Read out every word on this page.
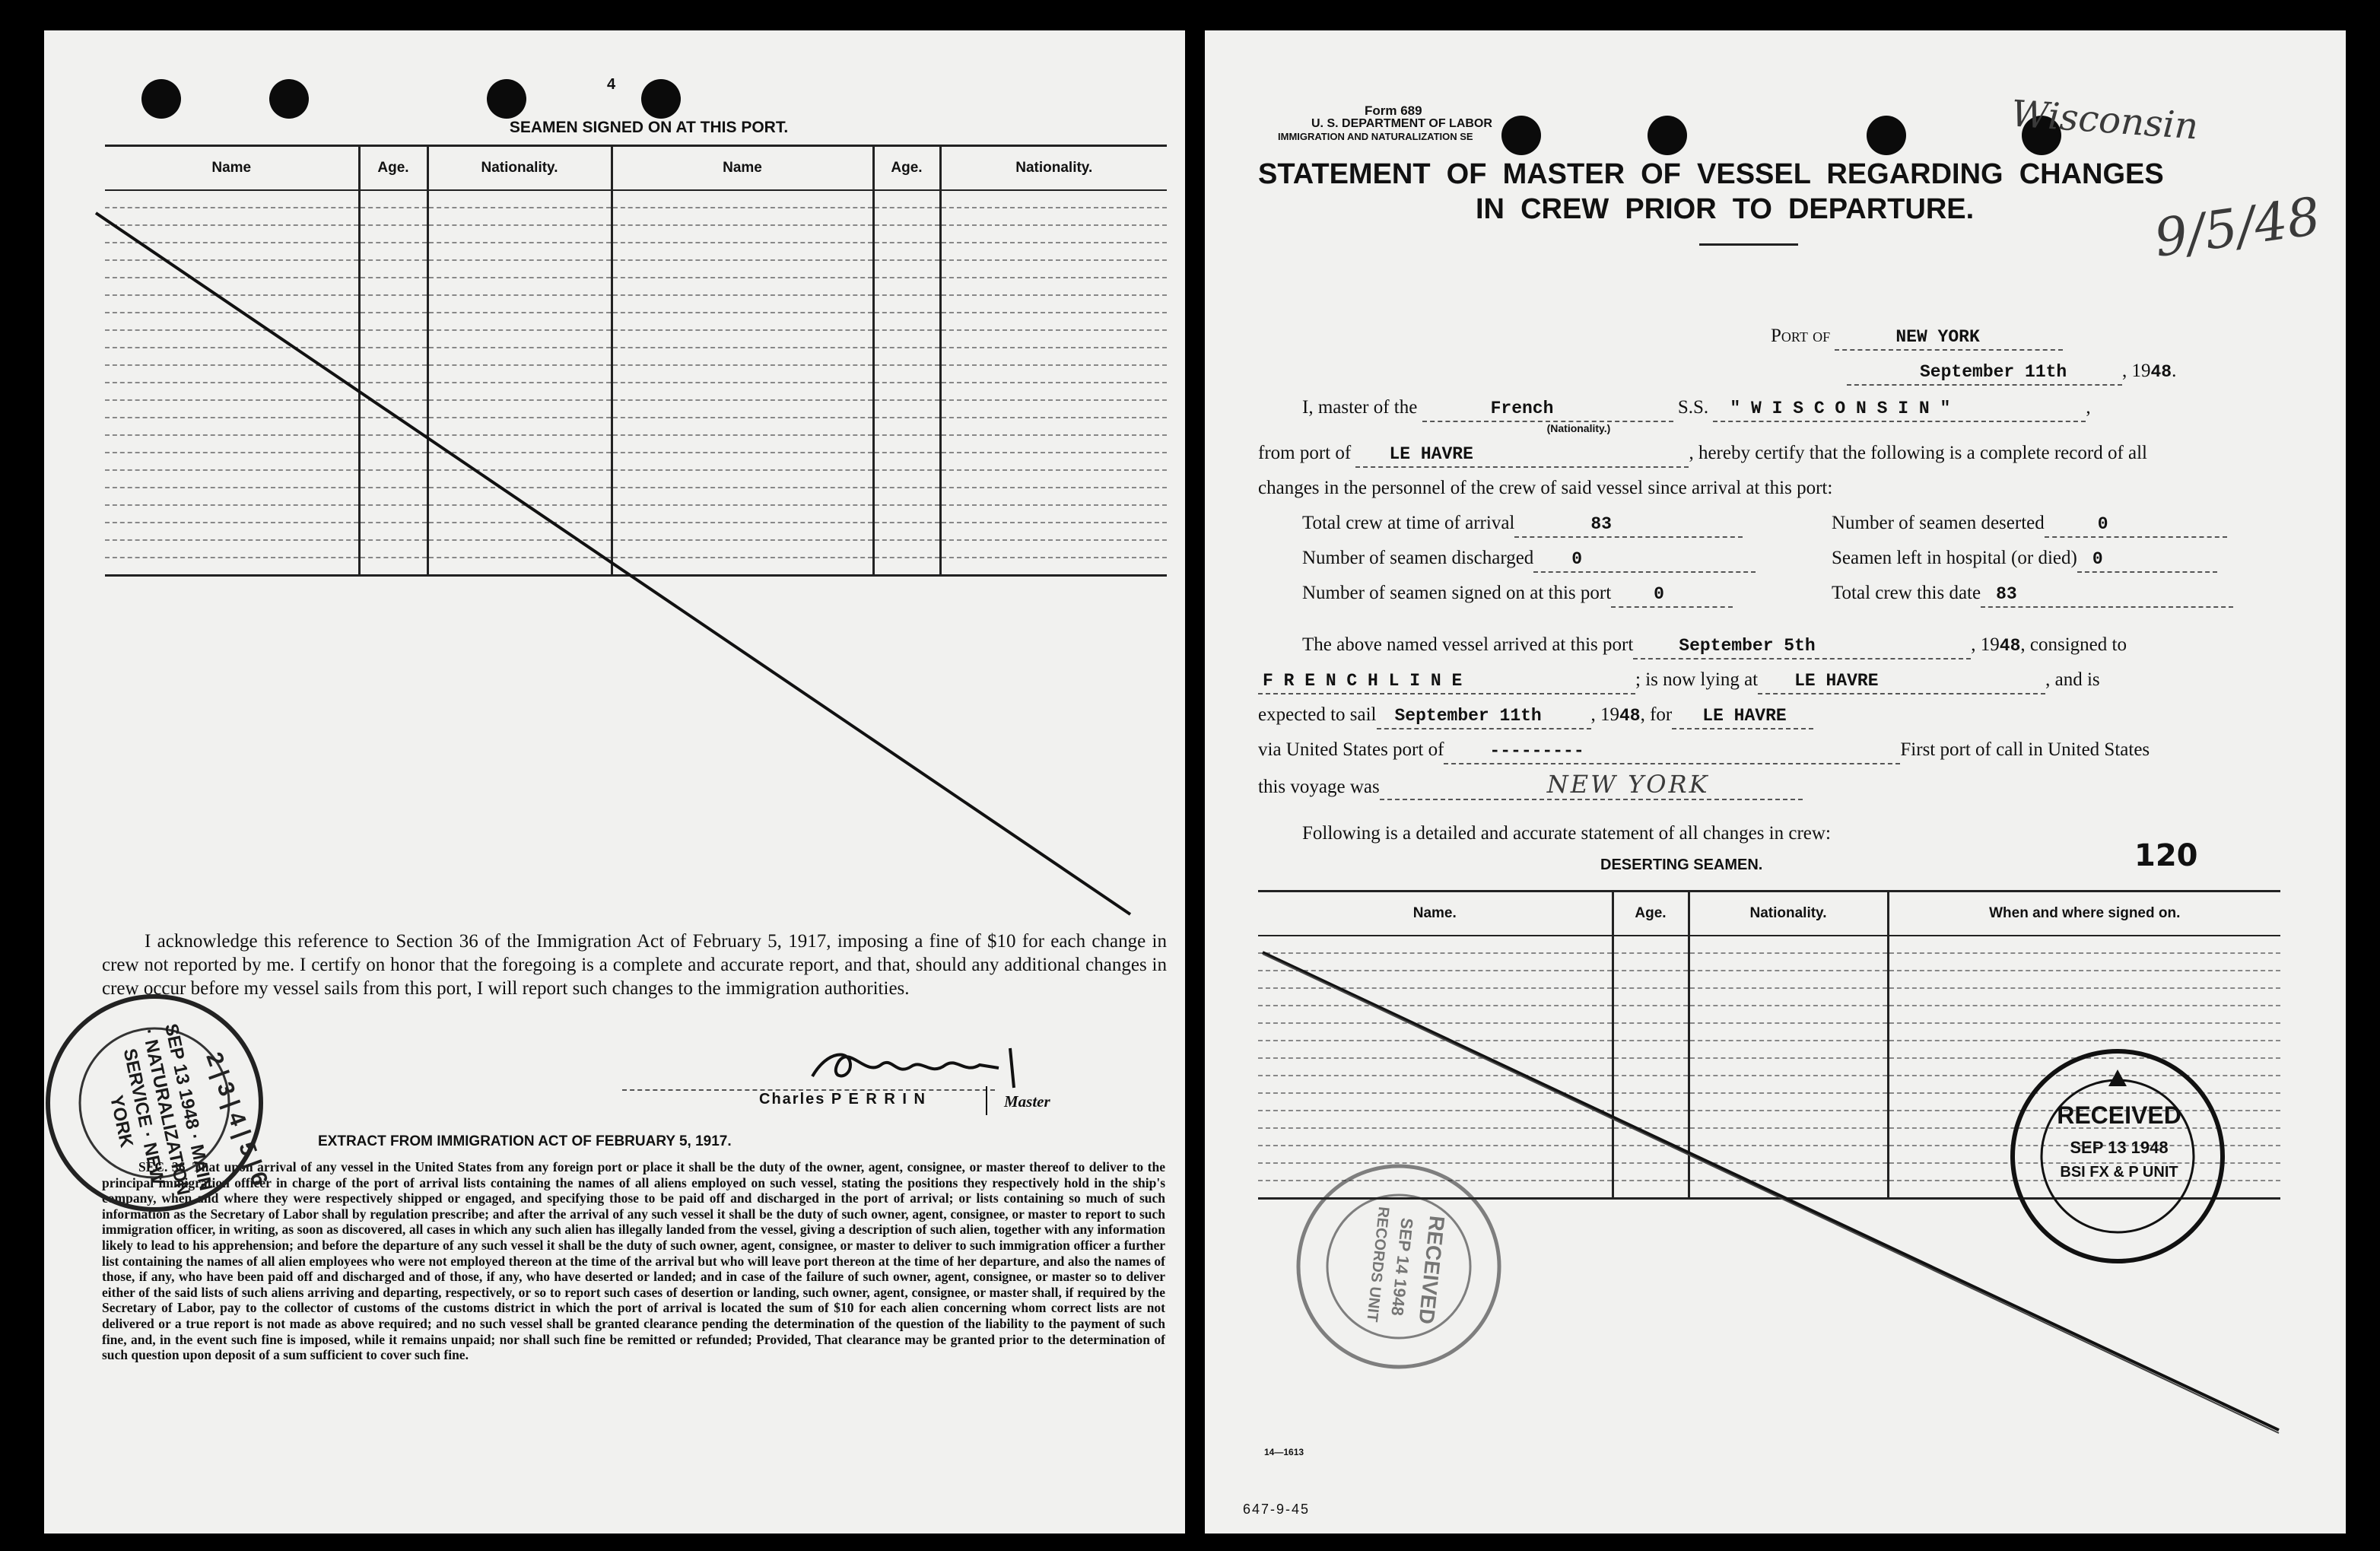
4
SEAMEN SIGNED ON AT THIS PORT.
Name	Age.	Nationality.	Name	Age.	Nationality.

I acknowledge this reference to Section 36 of the Immigration Act of February 5, 1917, imposing a fine of $10 for each change in crew not reported by me. I certify on honor that the foregoing is a complete and accurate report, and that, should any additional changes in crew occur before my vessel sails from this port, I will report such changes to the immigration authorities.
Charles P E R R I N	Master
EXTRACT FROM IMMIGRATION ACT OF FEBRUARY 5, 1917.
SEC. 36. That upon arrival of any vessel in the United States from any foreign port or place it shall be the duty of the owner, agent, consignee, or master thereof to deliver to the principal immigration officer in charge of the port of arrival lists containing the names of all aliens employed on such vessel, stating the positions they respectively hold in the ship's company, when and where they were respectively shipped or engaged, and specifying those to be paid off and discharged in the port of arrival; or lists containing so much of such information as the Secretary of Labor shall by regulation prescribe; and after the arrival of any such vessel it shall be the duty of such owner, agent, consignee, or master to report to such immigration officer, in writing, as soon as discovered, all cases in which any such alien has illegally landed from the vessel, giving a description of such alien, together with any information likely to lead to his apprehension; and before the departure of any such vessel it shall be the duty of such owner, agent, consignee, or master to deliver to such immigration officer a further list containing the names of all alien employees who were not employed thereon at the time of the arrival but who will leave port thereon at the time of her departure, and also the names of those, if any, who have been paid off and discharged and of those, if any, who have deserted or landed; and in case of the failure of such owner, agent, consignee, or master so to deliver either of the said lists of such aliens arriving and departing, respectively, or so to report such cases of desertion or landing, such owner, agent, consignee, or master shall, if required by the Secretary of Labor, pay to the collector of customs of the customs district in which the port of arrival is located the sum of $10 for each alien concerning whom correct lists are not delivered or a true report is not made as above required; and no such vessel shall be granted clearance pending the determination of the question of the liability to the payment of such fine, and, in the event such fine is imposed, while it remains unpaid; nor shall such fine be remitted or refunded; Provided, That clearance may be granted prior to the determination of such question upon deposit of a sum sufficient to cover such fine.
2 | 3 | 4 | 5 | 6
SEP 13 1948 · MAIN · NATURALIZATION SERVICE · NEW YORK
Form 689
U. S. DEPARTMENT OF LABOR
IMMIGRATION AND NATURALIZATION SE	Wisconsin
9/5/48
STATEMENT  OF  MASTER  OF  VESSEL  REGARDING  CHANGES
IN  CREW  PRIOR  TO  DEPARTURE.
Port of	NEW YORK
September 11th	, 1948.
I, master of the	French
(Nationality.)
S.S. " W I S C O N S I N "	,
from port of LE HAVRE	, hereby certify that the following is a complete record of all
changes in the personnel of the crew of said vessel since arrival at this port:
Total crew at time of arrival	83	Number of seamen deserted	0
Number of seamen discharged 0	Seamen left in hospital (or died) 0
Number of seamen signed on at this port 0	Total crew this date 83
The above named vessel arrived at this port	September 5th	, 1948, consigned to
F R E N C H L I N E	; is now lying at LE HAVRE	, and is
expected to sail September 11th	, 1948, for LE HAVRE
via United States port of	---------	First port of call in United States
this voyage was	NEW YORK
Following is a detailed and accurate statement of all changes in crew:
DESERTING SEAMEN.	120
Name.	Age.	Nationality.	When and where signed on.

14—1613
647-9-45
RECEIVED
SEP 13 1948
BSI FX & P UNIT
RECEIVED
SEP 14 1948
RECORDS UNIT
